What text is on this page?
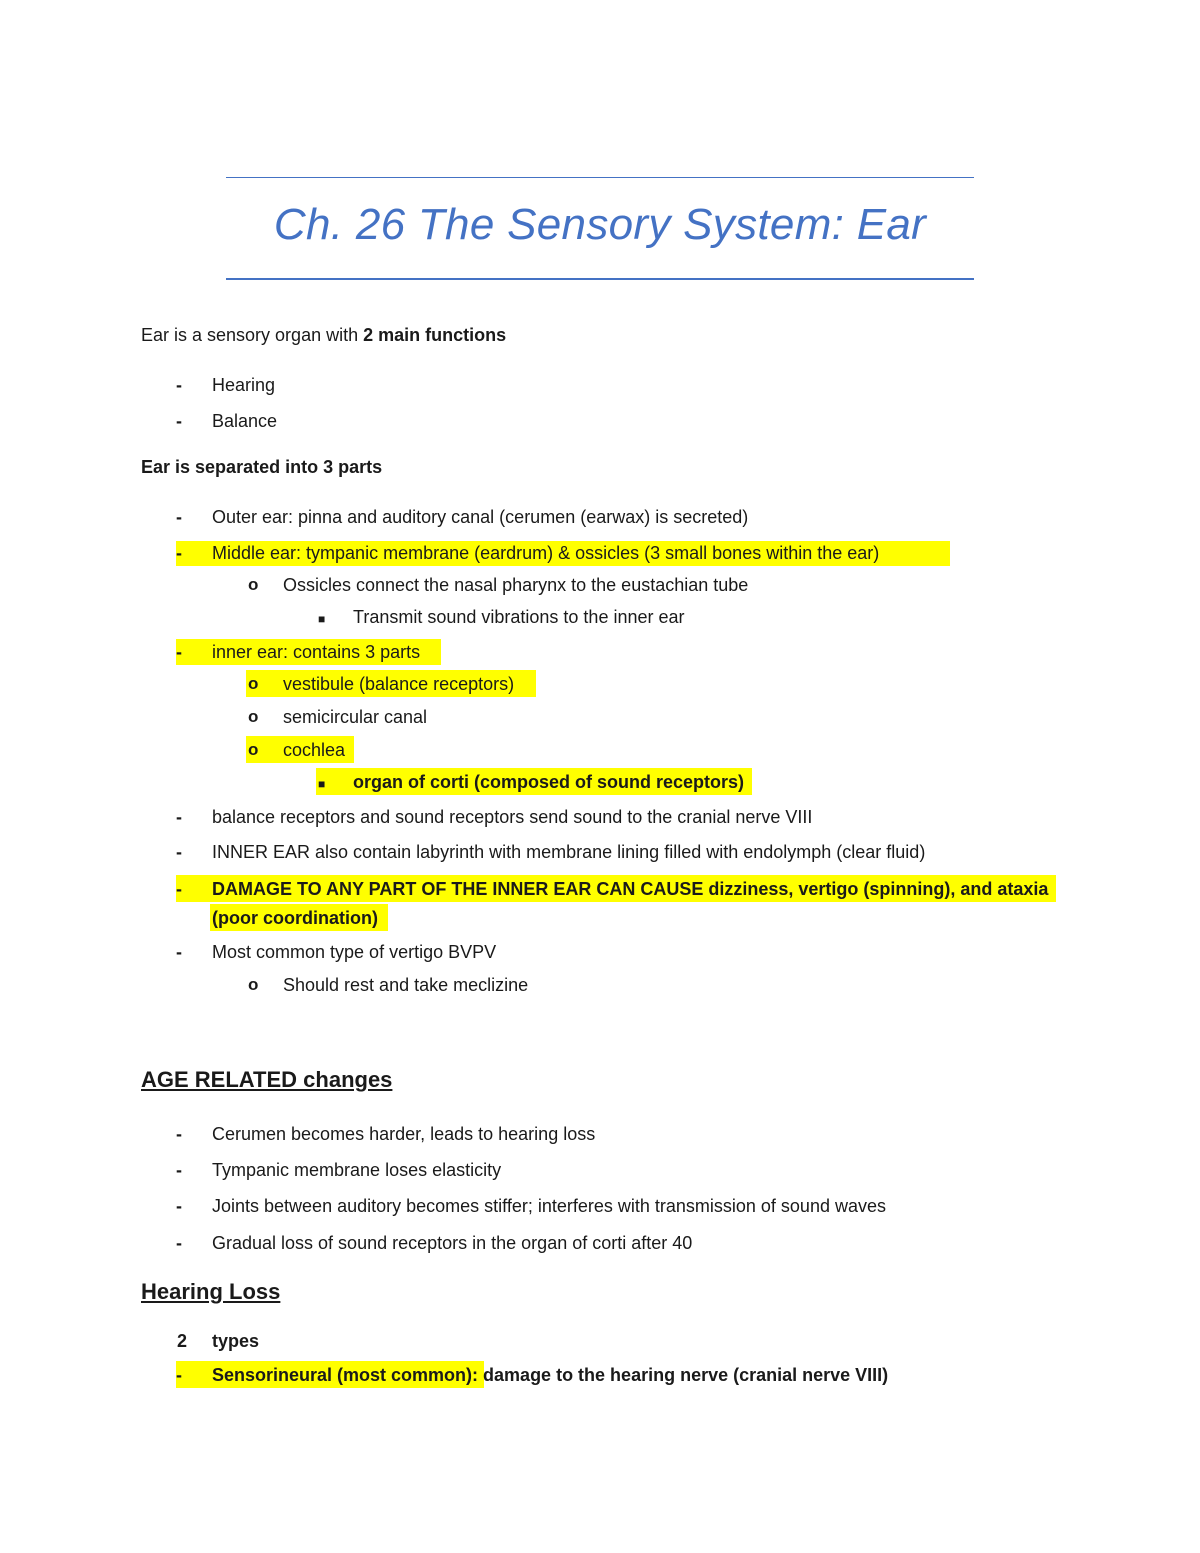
Ch. 26 The Sensory System: Ear
Ear is a sensory organ with 2 main functions
- Hearing
- Balance
Ear is separated into 3 parts
- Outer ear: pinna and auditory canal (cerumen (earwax) is secreted)
- Middle ear: tympanic membrane (eardrum) & ossicles (3 small bones within the ear)
o Ossicles connect the nasal pharynx to the eustachian tube
■ Transmit sound vibrations to the inner ear
- inner ear: contains 3 parts
o vestibule (balance receptors)
o semicircular canal
o cochlea
■ organ of corti (composed of sound receptors)
- balance receptors and sound receptors send sound to the cranial nerve VIII
- INNER EAR also contain labyrinth with membrane lining filled with endolymph (clear fluid)
- DAMAGE TO ANY PART OF THE INNER EAR CAN CAUSE dizziness, vertigo (spinning), and ataxia
(poor coordination)
- Most common type of vertigo BVPV
o Should rest and take meclizine
AGE RELATED changes
- Cerumen becomes harder, leads to hearing loss
- Tympanic membrane loses elasticity
- Joints between auditory becomes stiffer; interferes with transmission of sound waves
- Gradual loss of sound receptors in the organ of corti after 40
Hearing Loss
2 types
- Sensorineural (most common): damage to the hearing nerve (cranial nerve VIII)
